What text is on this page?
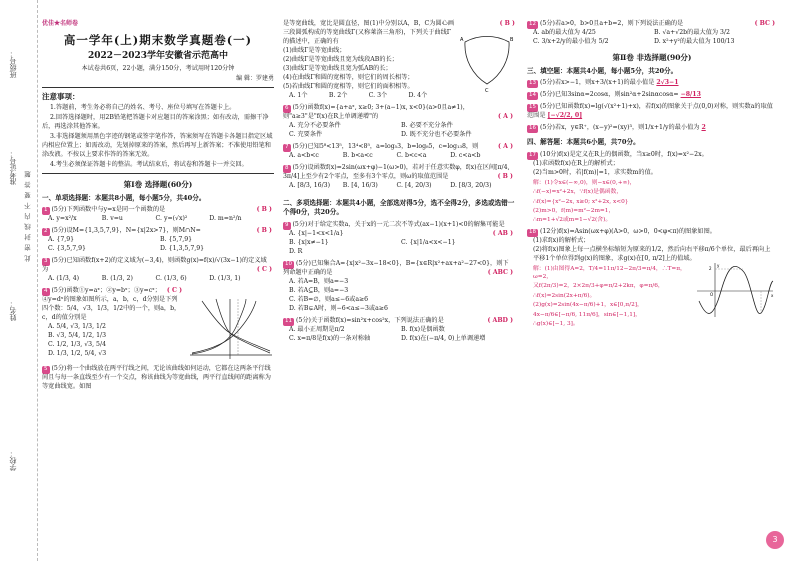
班级号：
准考证号：
姓名：
学校：
此 密 封 线 内 不 要 答 题
优佳★名师卷
高一学年(上)期末数学真题卷(一)
2022－2023学年安徽省示范高中
本试卷共6页，22小题，满分150分，考试用时120分钟
编 辑：罗建勇
注意事项：
1.答题前，考生务必将自己的姓名、考号、座位号填写在答题卡上。
2.回答选择题时，用2B铅笔把答题卡对应题目的答案涂黑；如有改动，需擦干净后，再选涂其他答案。
3.非选择题须用黑色字迹的钢笔或签字笔作答，答案须写在答题卡各题目指定区域内相应位置上；如需改动，先划掉原来的答案，然后再写上新答案；不准使用铅笔和涂改液。不按以上要求作答的答案无效。
4.考生必须保证答题卡的整洁。考试结束后，将试卷和答题卡一并交回。
第Ⅰ卷 选择题(60分)
一、单项选择题：本题共8小题，每小题5分，共40分。
1 (5分)下列函数中与y=x是同一个函数的是	( B )
A. y=x²/x	B. v=u	C. y=(√x)²	D. m=n²/n
2 (5分)设M={1,3,5,7,9}，N={x|2x>7}，则M∩N=	( B )
A. {7,9}	B. {5,7,9}C. {3,5,7,9}	D. {1,3,5,7,9}
3 (5分)已知函数f(x+2)的定义域为(−3,4)，则函数g(x)=f(x)/√(3x−1)的定义域为	( C )
A. (1/3, 4)	B. (1/3, 2)	C. (1/3, 6)	D. (1/3, 1)
4 (5分)函数①y=aˣ；②y=bˣ；③y=cˣ；④y=dˣ的图象如图所示，a，b，c，d分别是下列四个数：5/4，√3，1/3，1/2中的一个，则a，b，c，d的值分别是
( C )
A. 5/4, √3, 1/3, 1/2
B. √3, 5/4, 1/2, 1/3
C. 1/2, 1/3, √3, 5/4
D. 1/3, 1/2, 5/4, √3
5 (5分)将一个曲线放在两平行线之间，无论该曲线如何运动，它都在这两条平行线间且与每一条直线至少有一个交点，称该曲线为等宽曲线，两平行直线间的距离称为等宽曲线宽。如图
是等宽曲线，宽比是圆直径，图(1)中分别以A，B，C为圆心画三段圆弧构成的等宽曲线Γ(又称莱洛三角形)，下列关于曲线Γ的描述中，正确的有
( B )
(1)曲线Γ是等宽曲线；
(2)曲线Γ是等宽曲线且宽为线段AB的长；
(3)曲线Γ是等宽曲线且宽为弧AB的长；
(4)在曲线Γ和圆的宽相等，则它们的周长相等；
(5)若曲线Γ和圆的宽相等，则它们的面积相等。
A. 1个	B. 2个	C. 3个	D. 4个
A	B
C
6 (5分)函数f(x)={a+aˣ, x≥0; 3+(a−1)x, x<0}(a>0且a≠1)，则"a≥3"是"f(x)在R上单调递增"的	( A )
A. 充分不必要条件	B. 必要不充分条件C. 充要条件	D. 既不充分也不必要条件
7 (5分)已知5⁸<13⁵，13⁴<8⁵，a=log₅3，b=log₈5，c=log₁₃8，则	( A )
A. a<b<c	B. b<a<c	C. b<c<a	D. c<a<b
8 (5分)设函数f(x)=2sin(ωx+φ)−1(ω>0)，若对于任意实数φ，f(x)在区间[π/4, 3π/4]上至少有2个零点，至多有3个零点，则ω的取值范围是	( B )
A. [8/3, 16/3) B. [4, 16/3)	C. [4, 20/3)	D. [8/3, 20/3)
二、多项选择题：本题共4小题，全部选对得5分，选不全得2分，多选或选错一个得0分，共20分。
9 (5分)对于给定实数a，关于x的一元二次不等式(ax−1)(x+1)<0的解集可能是
( AB )
A. {x|−1<x<1/a}B. {x|x≠−1}	C. {x|1/a<x<−1}D. R
10 (5分)已知集合A={x|x²−3x−18<0}，B={x∈R|x²+ax+a²−27<0}，则下列命题中正确的是	( ABC )
A. 若A=B，则a=−3
B. 若A⊆B，则a=−3
C. 若B=∅，则a≤−6或a≥6
D. 若B⊊A时，则−6<a≤−3或a≥6
11 (5分)关于函数f(x)=sin²x+cos²x，下列说法正确的是	( ABD )
A. 最小正周期是π/2	B. f(x)是偶函数C. x=π/8是f(x)的一条对称轴	D. f(x)在(−π/4, 0)上单调递增
12 (5分)若a>0，b>0且a+b=2，则下列说法正确的是	( BC )
A. ab的最大值为 4/25	B. √a+√2b的最大值为 3/2C. 3/x+2/y的最小值为 5/2	D. x²+y²的最大值为 100/13
第Ⅱ卷 非选择题(90分)
三、填空题：本题共4小题，每小题5分，共20分。
13 (5分)若x>−1，则x+3/(x+1)的最小值是 2√3−1
14 (5分)已知3sinα=2cosα，则sin²α+2sinαcosα= −8/13
15 (5分)已知函数f(x)=lg(√(x²+1)+x)，若f(x)的图象关于点(0,0)对称，则实数a的取值范围是 [−√2/2, 0]
16 (5分)若x，y∈R⁺，(x−y)²=(xy)³，则1/x+1/y的最小值为 2
四、解答题：本题共6小题，共70分。
17 (10分)f(x)是定义在R上的偶函数，当x≥0时，f(x)=x²−2x。
(1)求函数f(x)在R上的解析式；
(2)当m>0时，若|f(m)|=1，求实数m的值。
解：(1)令x∈(−∞,0)，则−x∈(0,+∞)，
∴f(−x)=x²+2x，∵f(x)是偶函数，
∴f(x)={x²−2x, x≥0; x²+2x, x<0}
(2)m>0，f(m)=m²−2m=1，
∴m=1+√2或m=1−√2(舍)。
18 (12分)f(x)=Asin(ωx+φ)(A>0，ω>0，0<φ<π)的图象如图。
(1)求f(x)的解析式；
(2)将f(x)图象上每一点横坐标缩短为原来的1/2，然后向右平移π/6个单位，最后再向上平移1个单位得到g(x)的图象，求g(x)在[0, π/2]上的值域。
解：(1)由图得A=2，T/4=11π/12−2π/3=π/4，∴T=π，ω=2，
又f(2π/3)=2，2×2π/3+φ=π/2+2kπ，φ=π/6，
∴f(x)=2sin(2x+π/6)。
(2)g(x)=2sin(4x−π/6)+1，x∈[0,π/2]，
4x−π/6∈[−π/6, 11π/6]，sin∈[−1,1]，
∴g(x)∈[−1, 3]。
2
O	x
y
3
